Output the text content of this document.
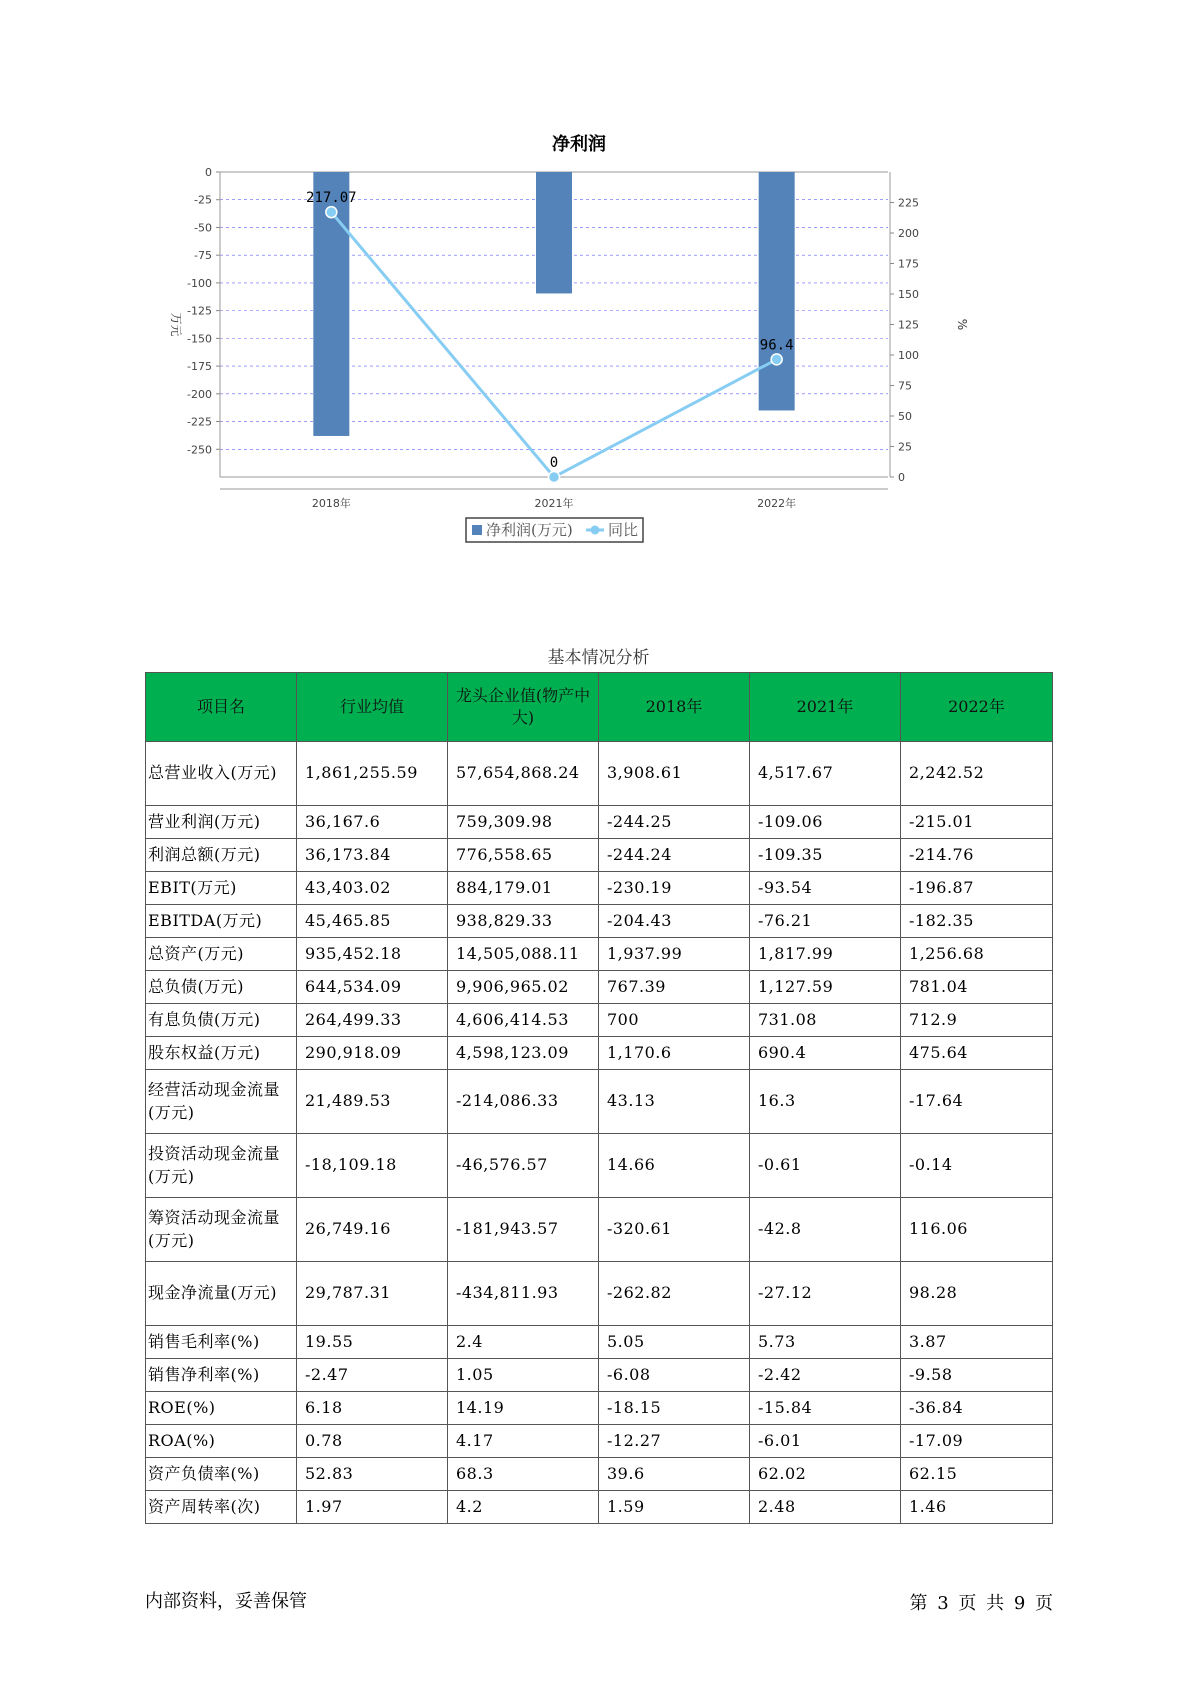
净利润
0
-25
-50
-75
-100
-125
-150
-175
-200
-225
-250
0
25
50
75
100
125
150
175
200
225
万元	%
2018年	2021年	2022年
217.07
0
96.4
净利润(万元) 同比
基本情况分析
项目名	行业均值	龙头企业值(物产中大)	2018年	2021年	2022年
总营业收入(万元)	1,861,255.59	57,654,868.24	3,908.61	4,517.67	2,242.52
营业利润(万元)	36,167.6	759,309.98	-244.25	-109.06	-215.01
利润总额(万元)	36,173.84	776,558.65	-244.24	-109.35	-214.76
EBIT(万元)	43,403.02	884,179.01	-230.19	-93.54	-196.87
EBITDA(万元)	45,465.85	938,829.33	-204.43	-76.21	-182.35
总资产(万元)	935,452.18	14,505,088.11	1,937.99	1,817.99	1,256.68
总负债(万元)	644,534.09	9,906,965.02	767.39	1,127.59	781.04
有息负债(万元)	264,499.33	4,606,414.53	700	731.08	712.9
股东权益(万元)	290,918.09	4,598,123.09	1,170.6	690.4	475.64
经营活动现金流量(万元)	21,489.53	-214,086.33	43.13	16.3	-17.64
投资活动现金流量(万元)	-18,109.18	-46,576.57	14.66	-0.61	-0.14
筹资活动现金流量(万元)	26,749.16	-181,943.57	-320.61	-42.8	116.06
现金净流量(万元)	29,787.31	-434,811.93	-262.82	-27.12	98.28
销售毛利率(%)	19.55	2.4	5.05	5.73	3.87
销售净利率(%)	-2.47	1.05	-6.08	-2.42	-9.58
ROE(%)	6.18	14.19	-18.15	-15.84	-36.84
ROA(%)	0.78	4.17	-12.27	-6.01	-17.09
资产负债率(%)	52.83	68.3	39.6	62.02	62.15
资产周转率(次)	1.97	4.2	1.59	2.48	1.46
内部资料，妥善保管	第 3 页 共 9 页
